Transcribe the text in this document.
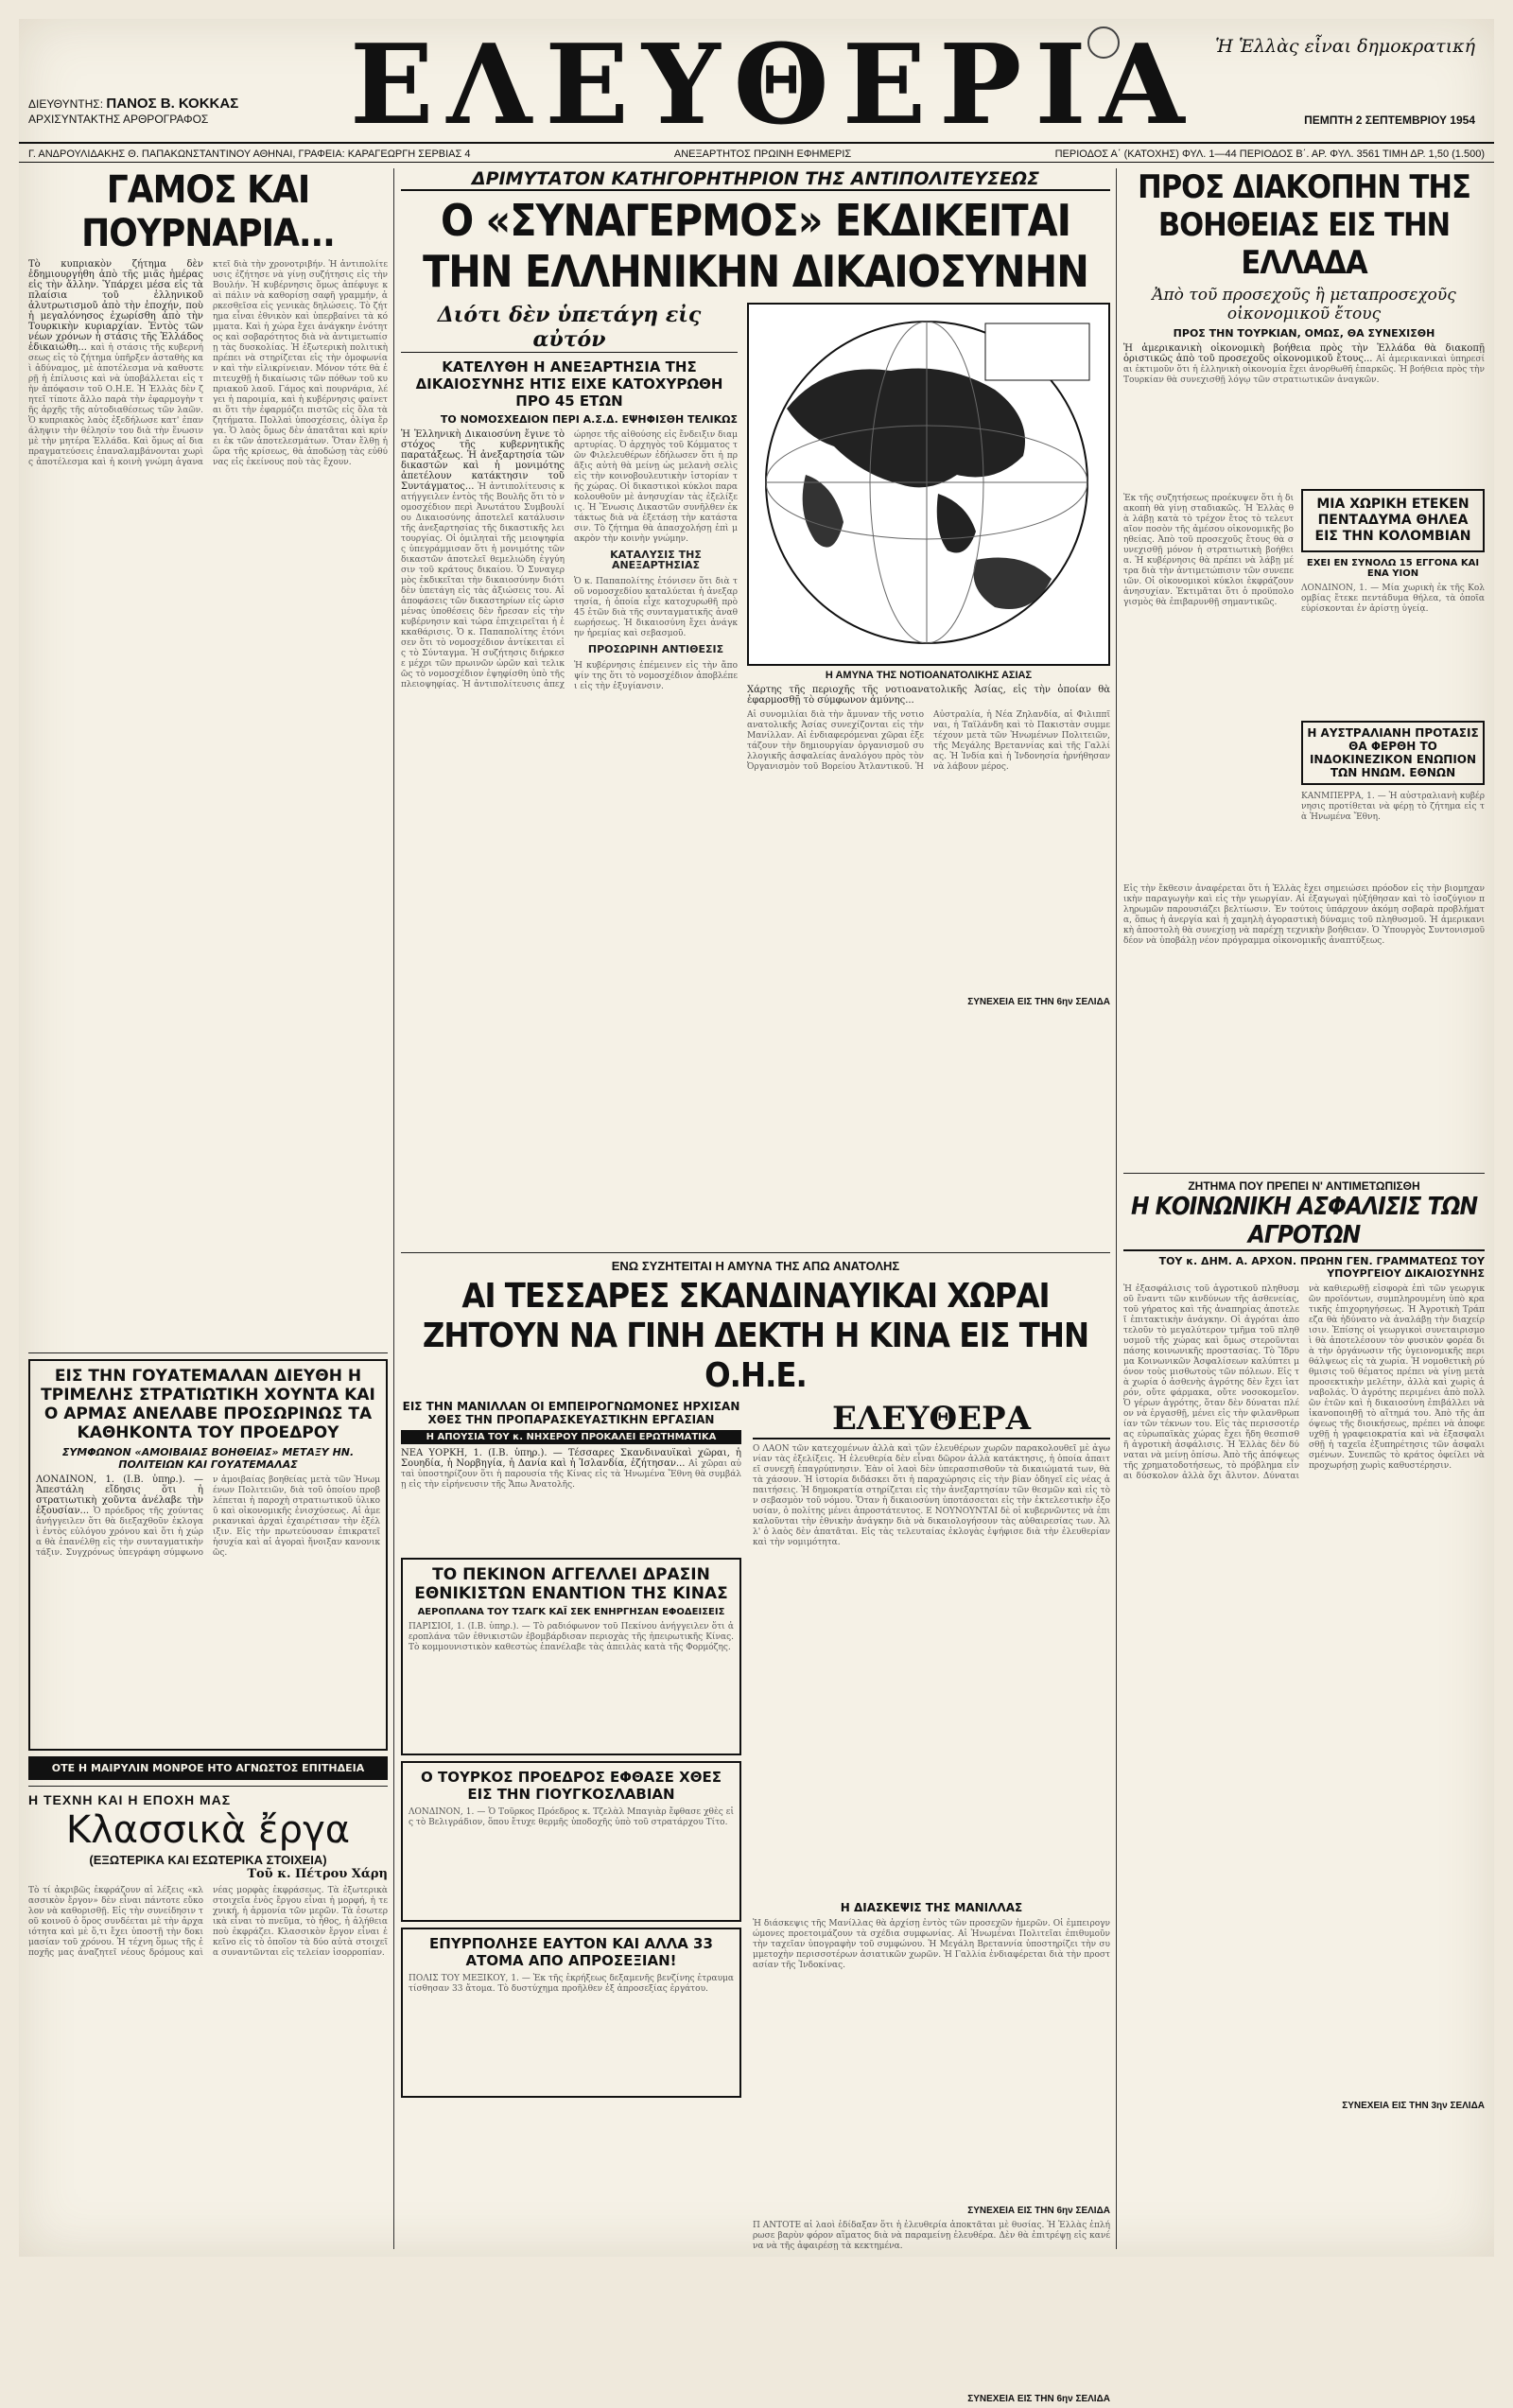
ΕΛΕΥΘΕΡΙΑ Ἡ Ἑλλὰς εἶναι δημοκρατική
ΔΙΕΥΘΥΝΤΗΣ: ΠΑΝΟΣ Β. ΚΟΚΚΑΣ
ΑΡΧΙΣΥΝΤΑΚΤΗΣ ΑΡΘΡΟΓΡΑΦΟΣ	ΠΕΜΠΤΗ 2 ΣΕΠΤΕΜΒΡΙΟΥ 1954
Γ. ΑΝΔΡΟΥΛΙΔΑΚΗΣ Θ. ΠΑΠΑΚΩΝΣΤΑΝΤΙΝΟΥ ΑΘΗΝΑΙ, ΓΡΑΦΕΙΑ: ΚΑΡΑΓΕΩΡΓΗ ΣΕΡΒΙΑΣ 4	ΑΝΕΞΑΡΤΗΤΟΣ ΠΡΩΙΝΗ ΕΦΗΜΕΡΙΣ	ΠΕΡΙΟΔΟΣ Α΄ (ΚΑΤΟΧΗΣ) ΦΥΛ. 1—44 ΠΕΡΙΟΔΟΣ Β΄. ΑΡ. ΦΥΛ. 3561 ΤΙΜΗ ΔΡ. 1,50 (1.500)
ΓΑΜΟΣ ΚΑΙ ΠΟΥΡΝΑΡΙΑ...
Τὸ κυπριακὸν ζήτημα δὲν ἐδημιουργήθη ἀπὸ τῆς μιᾶς ἡμέρας εἰς τὴν ἄλλην. Ὑπάρχει μέσα εἰς τὰ πλαίσια τοῦ ἑλληνικοῦ ἀλυτρωτισμοῦ ἀπὸ τὴν ἐποχήν, ποὺ ἡ μεγαλόνησος ἐχωρίσθη ἀπὸ τὴν Τουρκικὴν κυριαρχίαν. Ἐντὸς τῶν νέων χρόνων ἡ στάσις τῆς Ἑλλάδος ἐδικαιώθη... καὶ ἡ στάσις τῆς κυβερνήσεως εἰς τὸ ζήτημα ὑπῆρξεν ἀσταθὴς καὶ ἀδύναμος, μὲ ἀποτέλεσμα νὰ καθυστερῇ ἡ ἐπίλυσις καὶ νὰ ὑποβάλλεται εἰς τὴν ἀπόφασιν τοῦ Ο.Η.Ε. Ἡ Ἑλλὰς δὲν ζητεῖ τίποτε ἄλλο παρὰ τὴν ἐφαρμογὴν τῆς ἀρχῆς τῆς αὐτοδιαθέσεως τῶν λαῶν. Ὁ κυπριακὸς λαὸς ἐξεδήλωσε κατ' ἐπανάληψιν τὴν θέλησίν του διὰ τὴν ἕνωσιν μὲ τὴν μητέρα Ἑλλάδα. Καὶ ὅμως αἱ διαπραγματεύσεις ἐπαναλαμβάνονται χωρὶς ἀποτέλεσμα καὶ ἡ κοινὴ γνώμη ἀγανακτεῖ διὰ τὴν χρονοτριβήν. Ἡ ἀντιπολίτευσις ἐζήτησε νὰ γίνῃ συζήτησις εἰς τὴν Βουλήν. Ἡ κυβέρνησις ὅμως ἀπέφυγε καὶ πάλιν νὰ καθορίσῃ σαφῆ γραμμήν, ἀρκεσθεῖσα εἰς γενικὰς δηλώσεις. Τὸ ζήτημα εἶναι ἐθνικὸν καὶ ὑπερβαίνει τὰ κόμματα. Καὶ ἡ χώρα ἔχει ἀνάγκην ἑνότητος καὶ σοβαρότητος διὰ νὰ ἀντιμετωπίσῃ τὰς δυσκολίας. Ἡ ἐξωτερικὴ πολιτικὴ πρέπει νὰ στηρίζεται εἰς τὴν ὁμοφωνίαν καὶ τὴν εἰλικρίνειαν. Μόνον τότε θὰ ἐπιτευχθῇ ἡ δικαίωσις τῶν πόθων τοῦ κυπριακοῦ λαοῦ. Γάμος καὶ πουρνάρια, λέγει ἡ παροιμία, καὶ ἡ κυβέρνησις φαίνεται ὅτι τὴν ἐφαρμόζει πιστῶς εἰς ὅλα τὰ ζητήματα. Πολλαὶ ὑποσχέσεις, ὀλίγα ἔργα. Ὁ λαὸς ὅμως δὲν ἀπατᾶται καὶ κρίνει ἐκ τῶν ἀποτελεσμάτων. Ὅταν ἔλθῃ ἡ ὥρα τῆς κρίσεως, θὰ ἀποδώσῃ τὰς εὐθύνας εἰς ἐκείνους ποὺ τὰς ἔχουν.
ΕΙΣ ΤΗΝ ΓΟΥΑΤΕΜΑΛΑΝ ΔΙΕΥΘΗ Η ΤΡΙΜΕΛΗΣ ΣΤΡΑΤΙΩΤΙΚΗ ΧΟΥΝΤΑ ΚΑΙ Ο ΑΡΜΑΣ ΑΝΕΛΑΒΕ ΠΡΟΣΩΡΙΝΩΣ ΤΑ ΚΑΘΗΚΟΝΤΑ ΤΟΥ ΠΡΟΕΔΡΟΥ
ΣΥΜΦΩΝΟΝ «ΑΜΟΙΒΑΙΑΣ ΒΟΗΘΕΙΑΣ» ΜΕΤΑΞΥ ΗΝ. ΠΟΛΙΤΕΙΩΝ ΚΑΙ ΓΟΥΑΤΕΜΑΛΑΣ
ΛΟΝΔΙΝΟΝ, 1. (Ι.Β. ὑπηρ.). — Ἀπεστάλη εἴδησις ὅτι ἡ στρατιωτικὴ χοῦντα ἀνέλαβε τὴν ἐξουσίαν... Ὁ πρόεδρος τῆς χούντας ἀνήγγειλεν ὅτι θὰ διεξαχθοῦν ἐκλογαὶ ἐντὸς εὐλόγου χρόνου καὶ ὅτι ἡ χώρα θὰ ἐπανέλθῃ εἰς τὴν συνταγματικὴν τάξιν. Συγχρόνως ὑπεγράφη σύμφωνον ἀμοιβαίας βοηθείας μετὰ τῶν Ἡνωμένων Πολιτειῶν, διὰ τοῦ ὁποίου προβλέπεται ἡ παροχὴ στρατιωτικοῦ ὑλικοῦ καὶ οἰκονομικῆς ἐνισχύσεως. Αἱ ἀμερικανικαὶ ἀρχαὶ ἐχαιρέτισαν τὴν ἐξέλιξιν. Εἰς τὴν πρωτεύουσαν ἐπικρατεῖ ἡσυχία καὶ αἱ ἀγοραὶ ἤνοιξαν κανονικῶς.
ΟΤΕ Η ΜΑΙΡΥΛΙΝ ΜΟΝΡΟΕ ΗΤΟ ΑΓΝΩΣΤΟΣ ΕΠΙΤΗΔΕΙΑ
Η ΤΕΧΝΗ ΚΑΙ Η ΕΠΟΧΗ ΜΑΣ
Κλασσικὰ ἔργα
(ΕΞΩΤΕΡΙΚΑ ΚΑΙ ΕΣΩΤΕΡΙΚΑ ΣΤΟΙΧΕΙΑ)
Τοῦ κ. Πέτρου Χάρη
Τὸ τί ἀκριβῶς ἐκφράζουν αἱ λέξεις «κλασσικὸν ἔργον» δὲν εἶναι πάντοτε εὔκολον νὰ καθορισθῇ. Εἰς τὴν συνείδησιν τοῦ κοινοῦ ὁ ὅρος συνδέεται μὲ τὴν ἀρχαιότητα καὶ μὲ ὅ,τι ἔχει ὑποστῇ τὴν δοκιμασίαν τοῦ χρόνου. Ἡ τέχνη ὅμως τῆς ἐποχῆς μας ἀναζητεῖ νέους δρόμους καὶ νέας μορφὰς ἐκφράσεως. Τὰ ἐξωτερικὰ στοιχεῖα ἑνὸς ἔργου εἶναι ἡ μορφή, ἡ τεχνική, ἡ ἀρμονία τῶν μερῶν. Τὰ ἐσωτερικὰ εἶναι τὸ πνεῦμα, τὸ ἦθος, ἡ ἀλήθεια ποὺ ἐκφράζει. Κλασσικὸν ἔργον εἶναι ἐκεῖνο εἰς τὸ ὁποῖον τὰ δύο αὐτὰ στοιχεῖα συναντῶνται εἰς τελείαν ἰσορροπίαν.
ΔΡΙΜΥΤΑΤΟΝ ΚΑΤΗΓΟΡΗΤΗΡΙΟΝ ΤΗΣ ΑΝΤΙΠΟΛΙΤΕΥΣΕΩΣ
Ο «ΣΥΝΑΓΕΡΜΟΣ» ΕΚΔΙΚΕΙΤΑΙ ΤΗΝ ΕΛΛΗΝΙΚΗΝ ΔΙΚΑΙΟΣΥΝΗΝ
Διότι δὲν ὑπετάγη εἰς αὐτόν
ΚΑΤΕΛΥΘΗ Η ΑΝΕΞΑΡΤΗΣΙΑ ΤΗΣ ΔΙΚΑΙΟΣΥΝΗΣ ΗΤΙΣ ΕΙΧΕ ΚΑΤΟΧΥΡΩΘΗ ΠΡΟ 45 ΕΤΩΝ
ΤΟ ΝΟΜΟΣΧΕΔΙΟΝ ΠΕΡΙ Α.Σ.Δ. ΕΨΗΦΙΣΘΗ ΤΕΛΙΚΩΣ
Ἡ Ἑλληνικὴ Δικαιοσύνη ἔγινε τὸ στόχος τῆς κυβερνητικῆς παρατάξεως. Ἡ ἀνεξαρτησία τῶν δικαστῶν καὶ ἡ μονιμότης ἀπετέλουν κατάκτησιν τοῦ Συντάγματος... Ἡ ἀντιπολίτευσις κατήγγειλεν ἐντὸς τῆς Βουλῆς ὅτι τὸ νομοσχέδιον περὶ Ἀνωτάτου Συμβουλίου Δικαιοσύνης ἀποτελεῖ κατάλυσιν τῆς ἀνεξαρτησίας τῆς δικαστικῆς λειτουργίας. Οἱ ὁμιληταὶ τῆς μειοψηφίας ὑπεγράμμισαν ὅτι ἡ μονιμότης τῶν δικαστῶν ἀποτελεῖ θεμελιώδη ἐγγύησιν τοῦ κράτους δικαίου. Ὁ Συναγερμὸς ἐκδικεῖται τὴν δικαιοσύνην διότι δὲν ὑπετάγη εἰς τὰς ἀξιώσεις του. Αἱ ἀποφάσεις τῶν δικαστηρίων εἰς ὡρισμένας ὑποθέσεις δὲν ἤρεσαν εἰς τὴν κυβέρνησιν καὶ τώρα ἐπιχειρεῖται ἡ ἐκκαθάρισις. Ὁ κ. Παπαπολίτης ἐτόνισεν ὅτι τὸ νομοσχέδιον ἀντίκειται εἰς τὸ Σύνταγμα. Ἡ συζήτησις διήρκεσε μέχρι τῶν πρωινῶν ὡρῶν καὶ τελικῶς τὸ νομοσχέδιον ἐψηφίσθη ὑπὸ τῆς πλειοψηφίας. Ἡ ἀντιπολίτευσις ἀπεχώρησε τῆς αἰθούσης εἰς ἔνδειξιν διαμαρτυρίας. Ὁ ἀρχηγὸς τοῦ Κόμματος τῶν Φιλελευθέρων ἐδήλωσεν ὅτι ἡ πρᾶξις αὐτὴ θὰ μείνῃ ὡς μελανὴ σελὶς εἰς τὴν κοινοβουλευτικὴν ἱστορίαν τῆς χώρας. Οἱ δικαστικοὶ κύκλοι παρακολουθοῦν μὲ ἀνησυχίαν τὰς ἐξελίξεις. Ἡ Ἕνωσις Δικαστῶν συνῆλθεν ἐκτάκτως διὰ νὰ ἐξετάσῃ τὴν κατάστασιν. Τὸ ζήτημα θὰ ἀπασχολήσῃ ἐπὶ μακρὸν τὴν κοινὴν γνώμην.
ΚΑΤΑΛΥΣΙΣ ΤΗΣ ΑΝΕΞΑΡΤΗΣΙΑΣ
Ὁ κ. Παπαπολίτης ἐτόνισεν ὅτι διὰ τοῦ νομοσχεδίου καταλύεται ἡ ἀνεξαρτησία, ἡ ὁποία εἶχε κατοχυρωθῆ πρὸ 45 ἐτῶν διὰ τῆς συνταγματικῆς ἀναθεωρήσεως. Ἡ δικαιοσύνη ἔχει ἀνάγκην ἠρεμίας καὶ σεβασμοῦ.
ΠΡΟΣΩΡΙΝΗ ΑΝΤΙΘΕΣΙΣ
Ἡ κυβέρνησις ἐπέμεινεν εἰς τὴν ἄποψίν της ὅτι τὸ νομοσχέδιον ἀποβλέπει εἰς τὴν ἐξυγίανσιν.
Η ΑΜΥΝΑ ΤΗΣ ΝΟΤΙΟΑΝΑΤΟΛΙΚΗΣ ΑΣΙΑΣ
Χάρτης τῆς περιοχῆς τῆς νοτιοανατολικῆς Ἀσίας, εἰς τὴν ὁποίαν θὰ ἐφαρμοσθῇ τὸ σύμφωνον ἀμύνης...
Αἱ συνομιλίαι διὰ τὴν ἄμυναν τῆς νοτιοανατολικῆς Ἀσίας συνεχίζονται εἰς τὴν Μανίλλαν. Αἱ ἐνδιαφερόμεναι χῶραι ἐξετάζουν τὴν δημιουργίαν ὀργανισμοῦ συλλογικῆς ἀσφαλείας ἀναλόγου πρὸς τὸν Ὀργανισμὸν τοῦ Βορείου Ἀτλαντικοῦ. Ἡ Αὐστραλία, ἡ Νέα Ζηλανδία, αἱ Φιλιππῖναι, ἡ Ταϊλάνδη καὶ τὸ Πακιστὰν συμμετέχουν μετὰ τῶν Ἡνωμένων Πολιτειῶν, τῆς Μεγάλης Βρεταννίας καὶ τῆς Γαλλίας. Ἡ Ἰνδία καὶ ἡ Ἰνδονησία ἠρνήθησαν νὰ λάβουν μέρος.
ΣΥΝΕΧΕΙΑ ΕΙΣ ΤΗΝ 6ην ΣΕΛΙΔΑ
ΕΝΩ ΣΥΖΗΤΕΙΤΑΙ Η ΑΜΥΝΑ ΤΗΣ ΑΠΩ ΑΝΑΤΟΛΗΣ
ΑΙ ΤΕΣΣΑΡΕΣ ΣΚΑΝΔΙΝΑΥΙΚΑΙ ΧΩΡΑΙ ΖΗΤΟΥΝ ΝΑ ΓΙΝΗ ΔΕΚΤΗ Η ΚΙΝΑ ΕΙΣ ΤΗΝ Ο.Η.Ε.
ΕΙΣ ΤΗΝ ΜΑΝΙΛΛΑΝ ΟΙ ΕΜΠΕΙΡΟΓΝΩΜΟΝΕΣ ΗΡΧΙΣΑΝ ΧΘΕΣ ΤΗΝ ΠΡΟΠΑΡΑΣΚΕΥΑΣΤΙΚΗΝ ΕΡΓΑΣΙΑΝ
Η ΑΠΟΥΣΙΑ ΤΟΥ κ. ΝΗΧΕΡΟΥ ΠΡΟΚΑΛΕΙ ΕΡΩΤΗΜΑΤΙΚΑ
ΝΕΑ ΥΟΡΚΗ, 1. (Ι.Β. ὑπηρ.). — Τέσσαρες Σκανδιναυϊκαὶ χῶραι, ἡ Σουηδία, ἡ Νορβηγία, ἡ Δανία καὶ ἡ Ἰσλανδία, ἐζήτησαν... Αἱ χῶραι αὐταὶ ὑποστηρίζουν ὅτι ἡ παρουσία τῆς Κίνας εἰς τὰ Ἡνωμένα Ἔθνη θὰ συμβάλῃ εἰς τὴν εἰρήνευσιν τῆς Ἄπω Ἀνατολῆς.
ΤΟ ΠΕΚΙΝΟΝ ΑΓΓΕΛΛΕΙ ΔΡΑΣΙΝ ΕΘΝΙΚΙΣΤΩΝ ΕΝΑΝΤΙΟΝ ΤΗΣ ΚΙΝΑΣ
ΑΕΡΟΠΛΑΝΑ ΤΟΥ ΤΣΑΓΚ ΚΑΪ ΣΕΚ ΕΝΗΡΓΗΣΑΝ ΕΦΟΔΕΙΣΕΙΣ
ΠΑΡΙΣΙΟΙ, 1. (Ι.Β. ὑπηρ.). — Τὸ ραδιόφωνον τοῦ Πεκίνου ἀνήγγειλεν ὅτι ἀεροπλάνα τῶν ἐθνικιστῶν ἐβομβάρδισαν περιοχὰς τῆς ἠπειρωτικῆς Κίνας. Τὸ κομμουνιστικὸν καθεστὼς ἐπανέλαβε τὰς ἀπειλὰς κατὰ τῆς Φορμόζης.
Ο ΤΟΥΡΚΟΣ ΠΡΟΕΔΡΟΣ ΕΦΘΑΣΕ ΧΘΕΣ ΕΙΣ ΤΗΝ ΓΙΟΥΓΚΟΣΛΑΒΙΑΝ
ΛΟΝΔΙΝΟΝ, 1. — Ὁ Τοῦρκος Πρόεδρος κ. Τζελὰλ Μπαγιὰρ ἔφθασε χθὲς εἰς τὸ Βελιγράδιον, ὅπου ἔτυχε θερμῆς ὑποδοχῆς ὑπὸ τοῦ στρατάρχου Τίτο.
ΕΠΥΡΠΟΛΗΣΕ ΕΑΥΤΟΝ ΚΑΙ ΑΛΛΑ 33 ΑΤΟΜΑ ΑΠΟ ΑΠΡΟΣΕΞΙΑΝ!
ΠΟΛΙΣ ΤΟΥ ΜΕΞΙΚΟΥ, 1. — Ἐκ τῆς ἐκρήξεως δεξαμενῆς βενζίνης ἐτραυματίσθησαν 33 ἄτομα. Τὸ δυστύχημα προῆλθεν ἐξ ἀπροσεξίας ἐργάτου.
ΕΛΕΥΘΕΡΑ
Ο ΛΑΟΝ τῶν κατεχομένων ἀλλὰ καὶ τῶν ἐλευθέρων χωρῶν παρακολουθεῖ μὲ ἀγωνίαν τὰς ἐξελίξεις. Ἡ ἐλευθερία δὲν εἶναι δῶρον ἀλλὰ κατάκτησις, ἡ ὁποία ἀπαιτεῖ συνεχῆ ἐπαγρύπνησιν. Ἐὰν οἱ λαοὶ δὲν ὑπερασπισθοῦν τὰ δικαιώματά των, θὰ τὰ χάσουν. Ἡ ἱστορία διδάσκει ὅτι ἡ παραχώρησις εἰς τὴν βίαν ὁδηγεῖ εἰς νέας ἀπαιτήσεις. Ἡ δημοκρατία στηρίζεται εἰς τὴν ἀνεξαρτησίαν τῶν θεσμῶν καὶ εἰς τὸν σεβασμὸν τοῦ νόμου. Ὅταν ἡ δικαιοσύνη ὑποτάσσεται εἰς τὴν ἐκτελεστικὴν ἐξουσίαν, ὁ πολίτης μένει ἀπροστάτευτος. Ε ΝΟΥΝΟΥΝΤΑΙ δὲ οἱ κυβερνῶντες νὰ ἐπικαλοῦνται τὴν ἐθνικὴν ἀνάγκην διὰ νὰ δικαιολογήσουν τὰς αὐθαιρεσίας των. Ἀλλ' ὁ λαὸς δὲν ἀπατᾶται. Εἰς τὰς τελευταίας ἐκλογὰς ἐψήφισε διὰ τὴν ἐλευθερίαν καὶ τὴν νομιμότητα.
Η ΔΙΑΣΚΕΨΙΣ ΤΗΣ ΜΑΝΙΛΛΑΣ
Ἡ διάσκεψις τῆς Μανίλλας θὰ ἀρχίσῃ ἐντὸς τῶν προσεχῶν ἡμερῶν. Οἱ ἐμπειρογνώμονες προετοιμάζουν τὰ σχέδια συμφωνίας. Αἱ Ἡνωμέναι Πολιτεῖαι ἐπιθυμοῦν τὴν ταχεῖαν ὑπογραφὴν τοῦ συμφώνου. Ἡ Μεγάλη Βρεταννία ὑποστηρίζει τὴν συμμετοχὴν περισσοτέρων ἀσιατικῶν χωρῶν. Ἡ Γαλλία ἐνδιαφέρεται διὰ τὴν προστασίαν τῆς Ἰνδοκίνας.
ΣΥΝΕΧΕΙΑ ΕΙΣ ΤΗΝ 6ην ΣΕΛΙΔΑ
Π ΑΝΤΟΤΕ αἱ λαοὶ ἐδίδαξαν ὅτι ἡ ἐλευθερία ἀποκτᾶται μὲ θυσίας. Ἡ Ἑλλὰς ἐπλήρωσε βαρὺν φόρον αἵματος διὰ νὰ παραμείνῃ ἐλευθέρα. Δὲν θὰ ἐπιτρέψῃ εἰς κανένα νὰ τῆς ἀφαιρέσῃ τὰ κεκτημένα.
ΣΥΝΕΧΕΙΑ ΕΙΣ ΤΗΝ 6ην ΣΕΛΙΔΑ
ΠΡΟΣ ΔΙΑΚΟΠΗΝ ΤΗΣ ΒΟΗΘΕΙΑΣ ΕΙΣ ΤΗΝ ΕΛΛΑΔΑ
Ἀπὸ τοῦ προσεχοῦς ἢ μεταπροσεχοῦς οἰκονομικοῦ ἔτους
ΠΡΟΣ ΤΗΝ ΤΟΥΡΚΙΑΝ, ΟΜΩΣ, ΘΑ ΣΥΝΕΧΙΣΘΗ
Ἡ ἀμερικανικὴ οἰκονομικὴ βοήθεια πρὸς τὴν Ἑλλάδα θὰ διακοπῇ ὁριστικῶς ἀπὸ τοῦ προσεχοῦς οἰκονομικοῦ ἔτους... Αἱ ἀμερικανικαὶ ὑπηρεσίαι ἐκτιμοῦν ὅτι ἡ ἑλληνικὴ οἰκονομία ἔχει ἀνορθωθῆ ἐπαρκῶς. Ἡ βοήθεια πρὸς τὴν Τουρκίαν θὰ συνεχισθῇ λόγῳ τῶν στρατιωτικῶν ἀναγκῶν.
Ἐκ τῆς συζητήσεως προέκυψεν ὅτι ἡ διακοπὴ θὰ γίνῃ σταδιακῶς. Ἡ Ἑλλὰς θὰ λάβῃ κατὰ τὸ τρέχον ἔτος τὸ τελευταῖον ποσὸν τῆς ἀμέσου οἰκονομικῆς βοηθείας. Ἀπὸ τοῦ προσεχοῦς ἔτους θὰ συνεχισθῇ μόνον ἡ στρατιωτικὴ βοήθεια. Ἡ κυβέρνησις θὰ πρέπει νὰ λάβῃ μέτρα διὰ τὴν ἀντιμετώπισιν τῶν συνεπειῶν. Οἱ οἰκονομικοὶ κύκλοι ἐκφράζουν ἀνησυχίαν. Ἐκτιμᾶται ὅτι ὁ προϋπολογισμὸς θὰ ἐπιβαρυνθῇ σημαντικῶς.
ΜΙΑ ΧΩΡΙΚΗ ΕΤΕΚΕΝ ΠΕΝΤΑΔΥΜΑ ΘΗΛΕΑ ΕΙΣ ΤΗΝ ΚΟΛΟΜΒΙΑΝ
ΕΧΕΙ ΕΝ ΣΥΝΟΛΩ 15 ΕΓΓΟΝΑ ΚΑΙ ΕΝΑ ΥΙΟΝ
ΛΟΝΔΙΝΟΝ, 1. — Μία χωρικὴ ἐκ τῆς Κολομβίας ἔτεκε πεντάδυμα θήλεα, τὰ ὁποῖα εὑρίσκονται ἐν ἀρίστῃ ὑγείᾳ.
Η ΑΥΣΤΡΑΛΙΑΝΗ ΠΡΟΤΑΣΙΣ ΘΑ ΦΕΡΘΗ ΤΟ ΙΝΔΟΚΙΝΕΖΙΚΟΝ ΕΝΩΠΙΟΝ ΤΩΝ ΗΝΩΜ. ΕΘΝΩΝ
ΚΑΝΜΠΕΡΡΑ, 1. — Ἡ αὐστραλιανὴ κυβέρνησις προτίθεται νὰ φέρῃ τὸ ζήτημα εἰς τὰ Ἡνωμένα Ἔθνη.
Εἰς τὴν ἔκθεσιν ἀναφέρεται ὅτι ἡ Ἑλλὰς ἔχει σημειώσει πρόοδον εἰς τὴν βιομηχανικὴν παραγωγὴν καὶ εἰς τὴν γεωργίαν. Αἱ ἐξαγωγαὶ ηὐξήθησαν καὶ τὸ ἰσοζύγιον πληρωμῶν παρουσιάζει βελτίωσιν. Ἐν τούτοις ὑπάρχουν ἀκόμη σοβαρὰ προβλήματα, ὅπως ἡ ἀνεργία καὶ ἡ χαμηλὴ ἀγοραστικὴ δύναμις τοῦ πληθυσμοῦ. Ἡ ἀμερικανικὴ ἀποστολὴ θὰ συνεχίσῃ νὰ παρέχῃ τεχνικὴν βοήθειαν. Ὁ Ὑπουργὸς Συντονισμοῦ δέον νὰ ὑποβάλῃ νέον πρόγραμμα οἰκονομικῆς ἀναπτύξεως.
ΖΗΤΗΜΑ ΠΟΥ ΠΡΕΠΕΙ Ν' ΑΝΤΙΜΕΤΩΠΙΣΘΗ
Η ΚΟΙΝΩΝΙΚΗ ΑΣΦΑΛΙΣΙΣ ΤΩΝ ΑΓΡΟΤΩΝ
ΤΟΥ κ. ΔΗΜ. Α. ΑΡΧΟΝ. ΠΡΩΗΝ ΓΕΝ. ΓΡΑΜΜΑΤΕΩΣ ΤΟΥ ΥΠΟΥΡΓΕΙΟΥ ΔΙΚΑΙΟΣΥΝΗΣ
Ἡ ἐξασφάλισις τοῦ ἀγροτικοῦ πληθυσμοῦ ἔναντι τῶν κινδύνων τῆς ἀσθενείας, τοῦ γήρατος καὶ τῆς ἀναπηρίας ἀποτελεῖ ἐπιτακτικὴν ἀνάγκην. Οἱ ἀγρόται ἀποτελοῦν τὸ μεγαλύτερον τμῆμα τοῦ πληθυσμοῦ τῆς χώρας καὶ ὅμως στεροῦνται πάσης κοινωνικῆς προστασίας. Τὸ Ἵδρυμα Κοινωνικῶν Ἀσφαλίσεων καλύπτει μόνον τοὺς μισθωτοὺς τῶν πόλεων. Εἰς τὰ χωρία ὁ ἀσθενὴς ἀγρότης δὲν ἔχει ἰατρόν, οὔτε φάρμακα, οὔτε νοσοκομεῖον. Ὁ γέρων ἀγρότης, ὅταν δὲν δύναται πλέον νὰ ἐργασθῇ, μένει εἰς τὴν φιλανθρωπίαν τῶν τέκνων του. Εἰς τὰς περισσοτέρας εὐρωπαϊκὰς χώρας ἔχει ἤδη θεσπισθῆ ἀγροτικὴ ἀσφάλισις. Ἡ Ἑλλὰς δὲν δύναται νὰ μείνῃ ὀπίσω. Ἀπὸ τῆς ἀπόψεως τῆς χρηματοδοτήσεως, τὸ πρόβλημα εἶναι δύσκολον ἀλλὰ ὄχι ἄλυτον. Δύναται νὰ καθιερωθῇ εἰσφορὰ ἐπὶ τῶν γεωργικῶν προϊόντων, συμπληρουμένη ὑπὸ κρατικῆς ἐπιχορηγήσεως. Ἡ Ἀγροτικὴ Τράπεζα θὰ ἠδύνατο νὰ ἀναλάβῃ τὴν διαχείρισιν. Ἐπίσης οἱ γεωργικοὶ συνεταιρισμοὶ θὰ ἀποτελέσουν τὸν φυσικὸν φορέα διὰ τὴν ὀργάνωσιν τῆς ὑγειονομικῆς περιθάλψεως εἰς τὰ χωρία. Ἡ νομοθετικὴ ρύθμισις τοῦ θέματος πρέπει νὰ γίνῃ μετὰ προσεκτικὴν μελέτην, ἀλλὰ καὶ χωρὶς ἀναβολάς. Ὁ ἀγρότης περιμένει ἀπὸ πολλῶν ἐτῶν καὶ ἡ δικαιοσύνη ἐπιβάλλει νὰ ἱκανοποιηθῇ τὸ αἴτημά του. Ἀπὸ τῆς ἀπόψεως τῆς διοικήσεως, πρέπει νὰ ἀποφευχθῇ ἡ γραφειοκρατία καὶ νὰ ἐξασφαλισθῇ ἡ ταχεῖα ἐξυπηρέτησις τῶν ἀσφαλισμένων. Συνεπῶς τὸ κράτος ὀφείλει νὰ προχωρήσῃ χωρὶς καθυστέρησιν.
ΣΥΝΕΧΕΙΑ ΕΙΣ ΤΗΝ 3ην ΣΕΛΙΔΑ
